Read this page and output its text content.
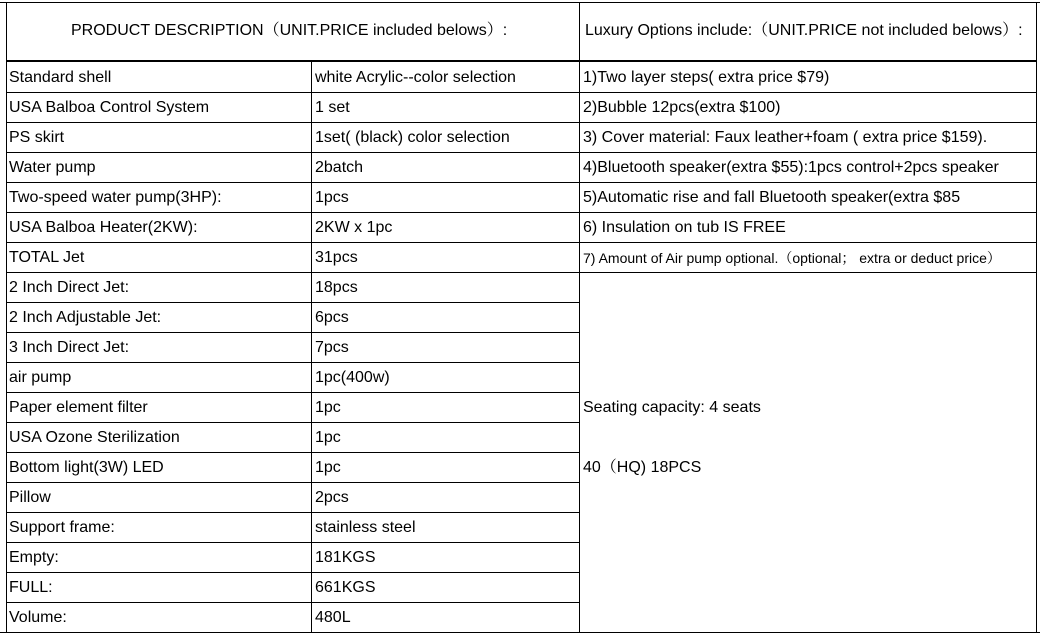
PRODUCT DESCRIPTION（UNIT.PRICE included belows）:	Luxury Options include:（UNIT.PRICE not included belows）:
Standard shell	white Acrylic--color selection	1)Two layer steps( extra price $79)
USA Balboa Control System	1 set	2)Bubble 12pcs(extra $100)
PS skirt	1set( (black) color selection	3) Cover material: Faux leather+foam ( extra price $159).
Water pump	2batch	4)Bluetooth speaker(extra $55):1pcs control+2pcs speaker
Two-speed water pump(3HP):	1pcs	5)Automatic rise and fall Bluetooth speaker(extra $85
USA Balboa Heater(2KW):	2KW x 1pc	6) Insulation on tub IS FREE
TOTAL Jet	31pcs	7) Amount of Air pump optional.（optional； extra or deduct price）
2 Inch Direct Jet:	18pcs
2 Inch Adjustable Jet:	6pcs
3 Inch Direct Jet:	7pcs
air pump	1pc(400w)
Paper element filter	1pc	Seating capacity: 4 seats
USA Ozone Sterilization	1pc
Bottom light(3W) LED	1pc	40（HQ) 18PCS
Pillow	2pcs
Support frame:	stainless steel
Empty:	181KGS
FULL:	661KGS
Volume:	480L
